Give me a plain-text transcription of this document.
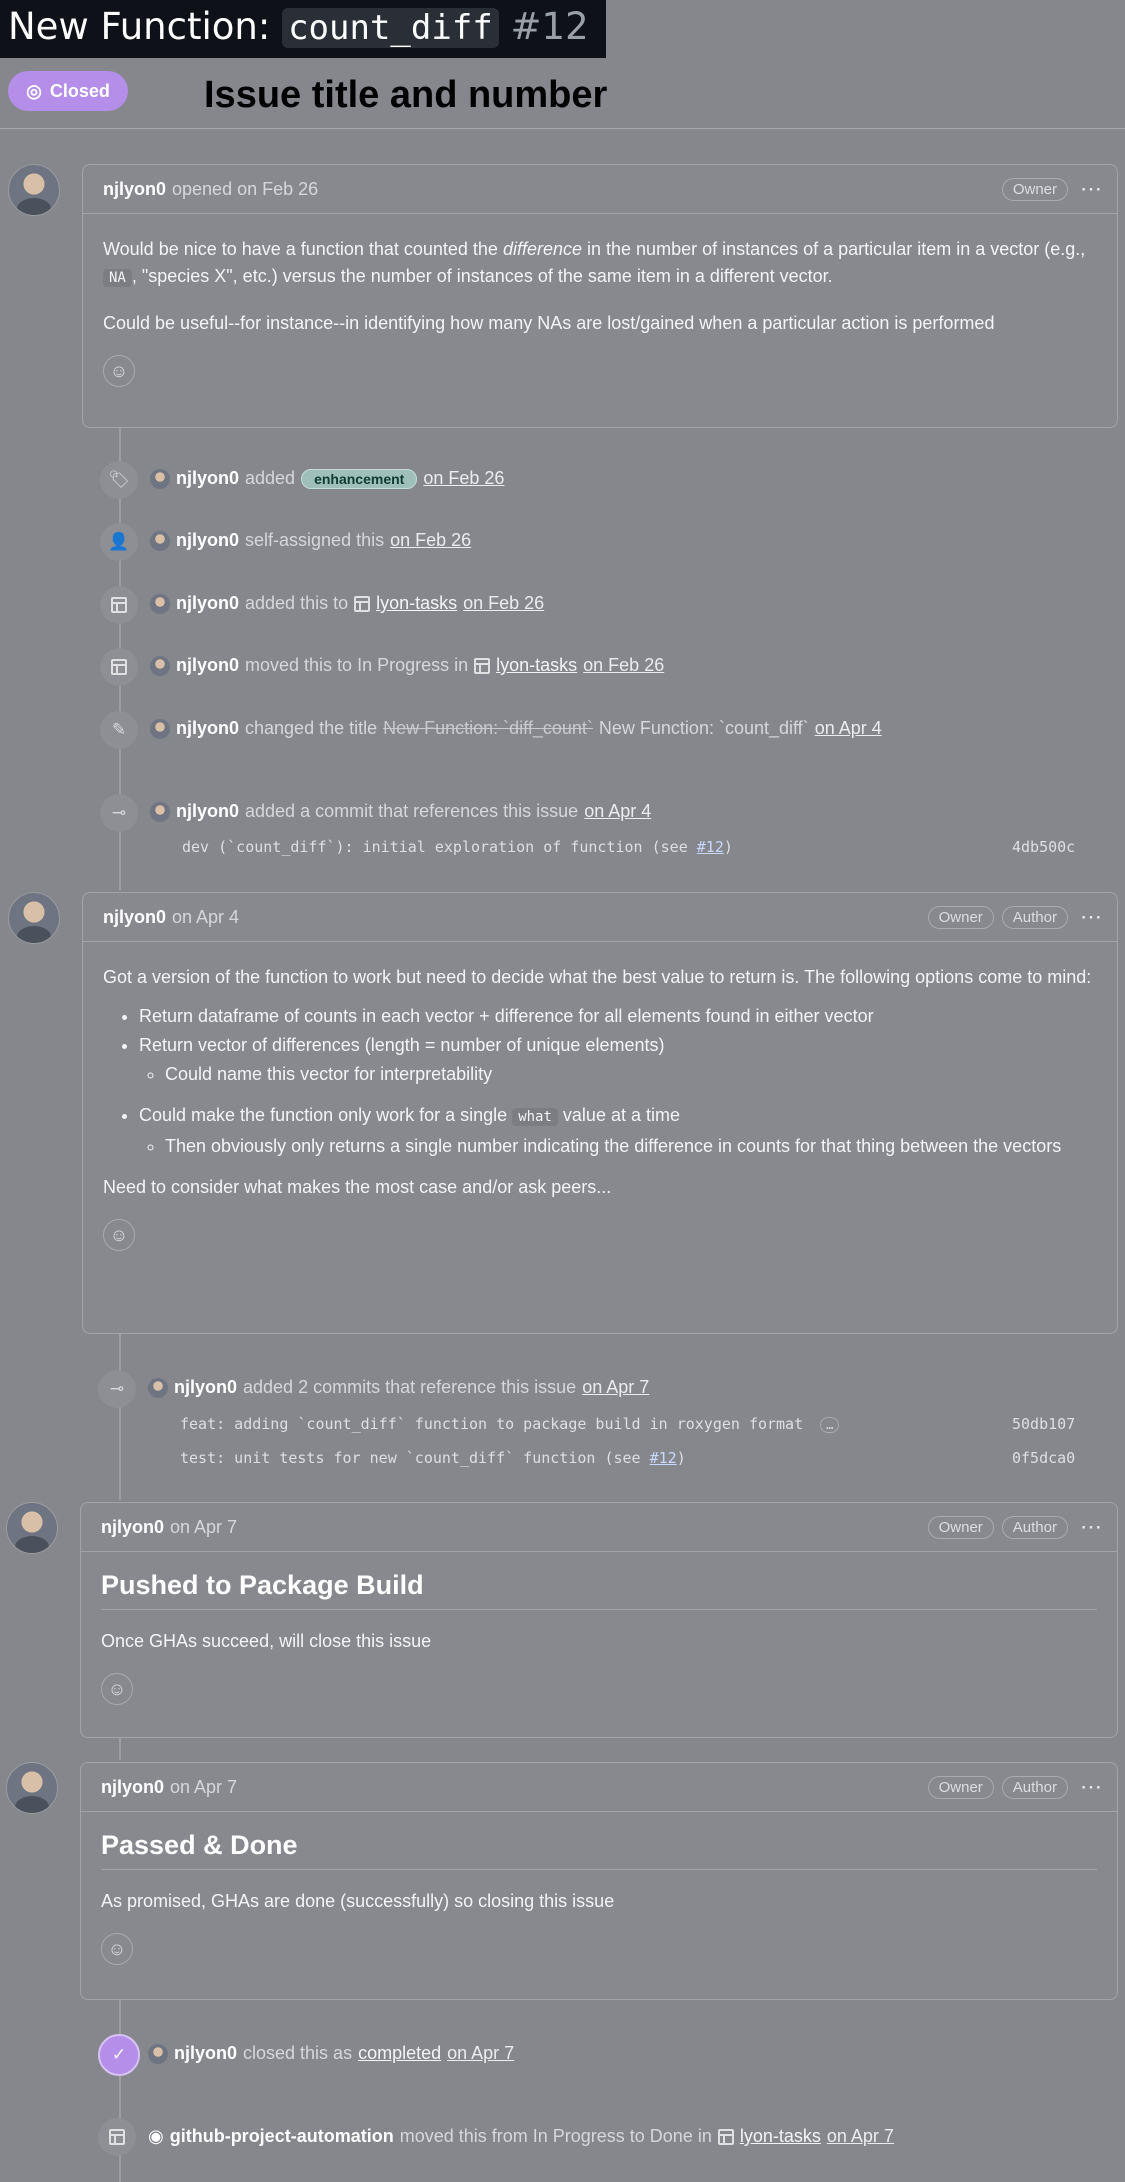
New Function: count_diff #12
◎ Closed Issue title and number
njlyon0 opened on Feb 26	Owner	⋯

Would be nice to have a function that counted the difference in the number of instances of a particular item in a vector (e.g., NA , "species X", etc.) versus the number of instances of the same item in a different vector.

Could be useful--for instance--in identifying how many NAs are lost/gained when a particular action is performed

☺
🏷	njlyon0 added	enhancement	on Feb 26
👤	njlyon0 self-assigned this on Feb 26
njlyon0 added this to lyon-tasks on Feb 26
njlyon0 moved this to In Progress in lyon-tasks on Feb 26
✎	njlyon0 changed the title New Function: `diff_count` New Function: `count_diff` on Apr 4
⊸	njlyon0 added a commit that references this issue on Apr 4
dev (`count_diff`): initial exploration of function (see #12)	4db500c
njlyon0 on Apr 4	Owner	Author	⋯

Got a version of the function to work but need to decide what the best value to return is. The following options come to mind:

• Return dataframe of counts in each vector + difference for all elements found in either vector
• Return vector of differences (length = number of unique elements)
◦ Could name this vector for interpretability
• Could make the function only work for a single what value at a time
◦ Then obviously only returns a single number indicating the difference in counts for that thing between the vectors

Need to consider what makes the most case and/or ask peers...

☺
⊸	njlyon0 added 2 commits that reference this issue on Apr 7
feat: adding `count_diff` function to package build in roxygen format …	50db107
test: unit tests for new `count_diff` function (see #12)	0f5dca0
njlyon0 on Apr 7	Owner	Author	⋯
Pushed to Package Build

Once GHAs succeed, will close this issue

☺
njlyon0 on Apr 7	Owner	Author	⋯
Passed & Done

As promised, GHAs are done (successfully) so closing this issue

☺
✓	njlyon0 closed this as completed on Apr 7
◉ github-project-automation moved this from In Progress to Done in lyon-tasks on Apr 7
